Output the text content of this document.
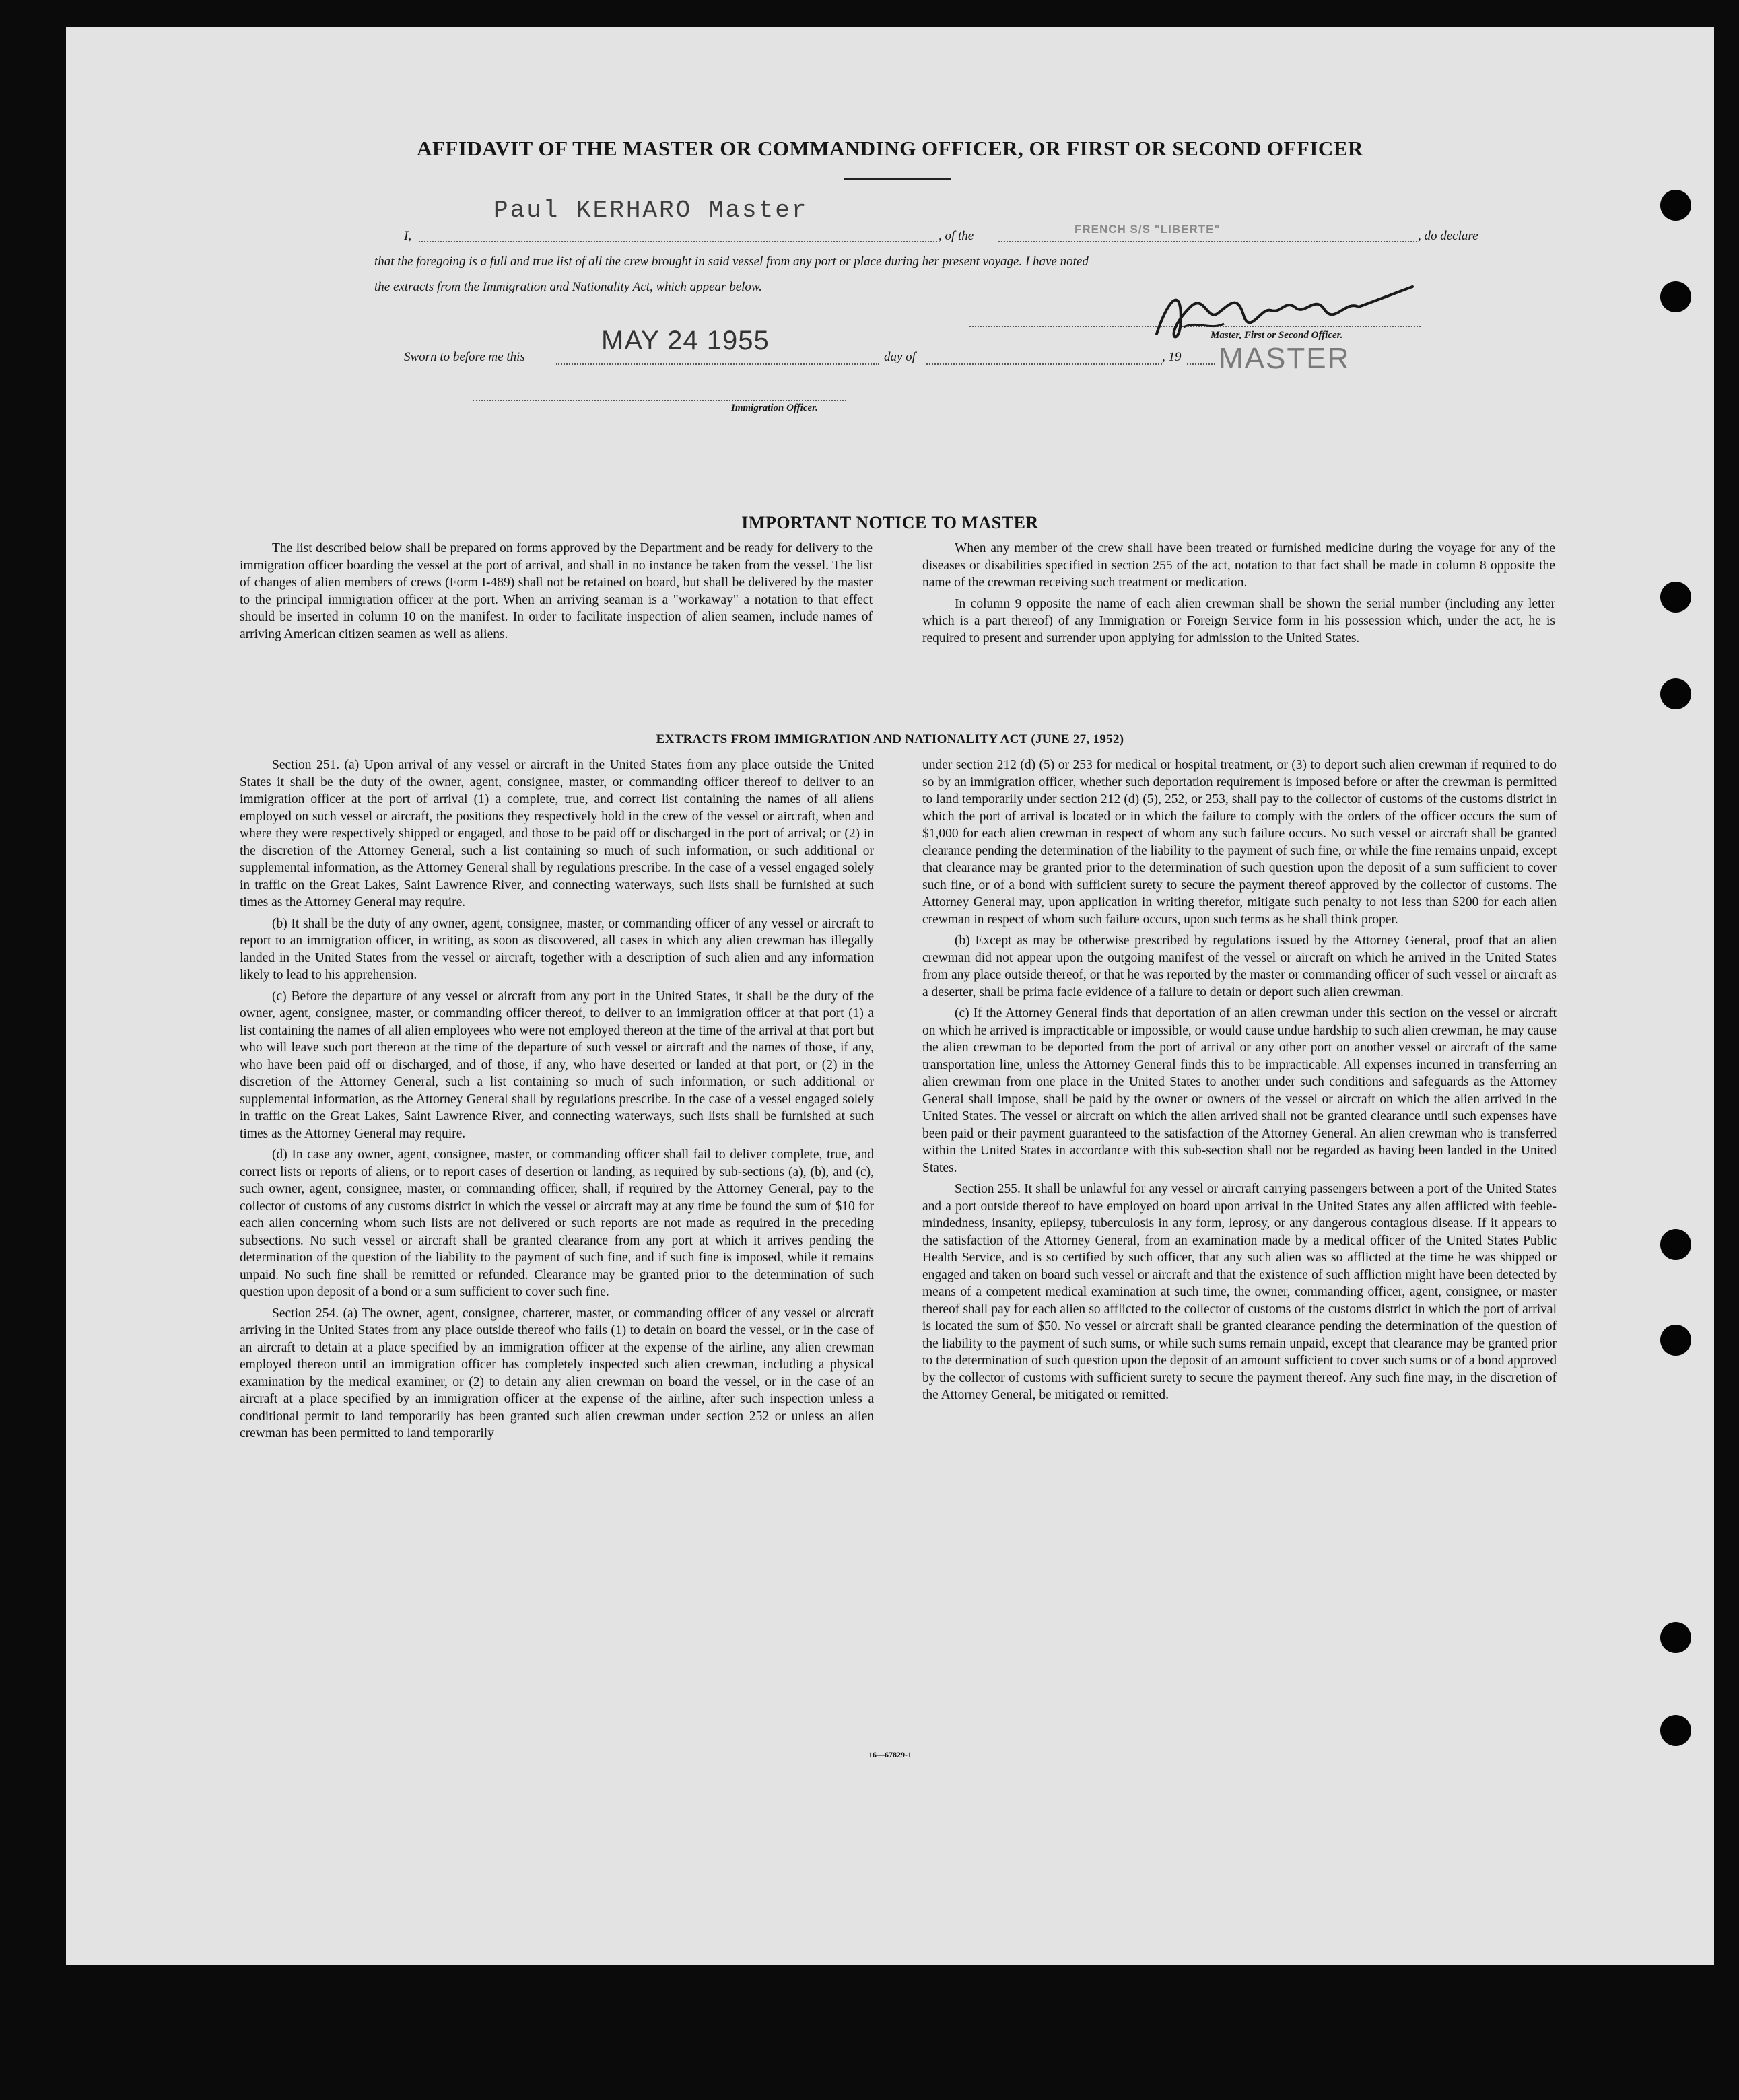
AFFIDAVIT OF THE MASTER OR COMMANDING OFFICER, OR FIRST OR SECOND OFFICER
I,
Paul KERHARO Master
, of the	FRENCH S/S "LIBERTE"	, do declare
that the foregoing is a full and true list of all the crew brought in said vessel from any port or place during her present voyage. I have noted
the extracts from the Immigration and Nationality Act, which appear below.
Master, First or Second Officer.
MASTER
Sworn to before me this
MAY 24 1955
day of	, 19
Immigration Officer.
IMPORTANT NOTICE TO MASTER

The list described below shall be prepared on forms approved by the Department and be ready for delivery to the immigration officer boarding the vessel at the port of arrival, and shall in no instance be taken from the vessel. The list of changes of alien members of crews (Form I-489) shall not be retained on board, but shall be delivered by the master to the principal immigration officer at the port. When an arriving seaman is a "workaway" a notation to that effect should be inserted in column 10 on the manifest. In order to facilitate inspection of alien seamen, include names of arriving American citizen seamen as well as aliens.

When any member of the crew shall have been treated or furnished medicine during the voyage for any of the diseases or disabilities specified in section 255 of the act, notation to that fact shall be made in column 8 opposite the name of the crewman receiving such treatment or medication.

In column 9 opposite the name of each alien crewman shall be shown the serial number (including any letter which is a part thereof) of any Immigration or Foreign Service form in his possession which, under the act, he is required to present and surrender upon applying for admission to the United States.

EXTRACTS FROM IMMIGRATION AND NATIONALITY ACT (JUNE 27, 1952)

Section 251. (a) Upon arrival of any vessel or aircraft in the United States from any place outside the United States it shall be the duty of the owner, agent, consignee, master, or commanding officer thereof to deliver to an immigration officer at the port of arrival (1) a complete, true, and correct list containing the names of all aliens employed on such vessel or aircraft, the positions they respectively hold in the crew of the vessel or aircraft, when and where they were respectively shipped or engaged, and those to be paid off or discharged in the port of arrival; or (2) in the discretion of the Attorney General, such a list containing so much of such information, or such additional or supplemental information, as the Attorney General shall by regulations prescribe. In the case of a vessel engaged solely in traffic on the Great Lakes, Saint Lawrence River, and connecting waterways, such lists shall be furnished at such times as the Attorney General may require.

(b) It shall be the duty of any owner, agent, consignee, master, or commanding officer of any vessel or aircraft to report to an immigration officer, in writing, as soon as discovered, all cases in which any alien crewman has illegally landed in the United States from the vessel or aircraft, together with a description of such alien and any information likely to lead to his apprehension.

(c) Before the departure of any vessel or aircraft from any port in the United States, it shall be the duty of the owner, agent, consignee, master, or commanding officer thereof, to deliver to an immigration officer at that port (1) a list containing the names of all alien employees who were not employed thereon at the time of the arrival at that port but who will leave such port thereon at the time of the departure of such vessel or aircraft and the names of those, if any, who have been paid off or discharged, and of those, if any, who have deserted or landed at that port, or (2) in the discretion of the Attorney General, such a list containing so much of such information, or such additional or supplemental information, as the Attorney General shall by regulations prescribe. In the case of a vessel engaged solely in traffic on the Great Lakes, Saint Lawrence River, and connecting waterways, such lists shall be furnished at such times as the Attorney General may require.

(d) In case any owner, agent, consignee, master, or commanding officer shall fail to deliver complete, true, and correct lists or reports of aliens, or to report cases of desertion or landing, as required by sub-sections (a), (b), and (c), such owner, agent, consignee, master, or commanding officer, shall, if required by the Attorney General, pay to the collector of customs of any customs district in which the vessel or aircraft may at any time be found the sum of $10 for each alien concerning whom such lists are not delivered or such reports are not made as required in the preceding subsections. No such vessel or aircraft shall be granted clearance from any port at which it arrives pending the determination of the question of the liability to the payment of such fine, and if such fine is imposed, while it remains unpaid. No such fine shall be remitted or refunded. Clearance may be granted prior to the determination of such question upon deposit of a bond or a sum sufficient to cover such fine.

Section 254. (a) The owner, agent, consignee, charterer, master, or commanding officer of any vessel or aircraft arriving in the United States from any place outside thereof who fails (1) to detain on board the vessel, or in the case of an aircraft to detain at a place specified by an immigration officer at the expense of the airline, any alien crewman employed thereon until an immigration officer has completely inspected such alien crewman, including a physical examination by the medical examiner, or (2) to detain any alien crewman on board the vessel, or in the case of an aircraft at a place specified by an immigration officer at the expense of the airline, after such inspection unless a conditional permit to land temporarily has been granted such alien crewman under section 252 or unless an alien crewman has been permitted to land temporarily

under section 212 (d) (5) or 253 for medical or hospital treatment, or (3) to deport such alien crewman if required to do so by an immigration officer, whether such deportation requirement is imposed before or after the crewman is permitted to land temporarily under section 212 (d) (5), 252, or 253, shall pay to the collector of customs of the customs district in which the port of arrival is located or in which the failure to comply with the orders of the officer occurs the sum of $1,000 for each alien crewman in respect of whom any such failure occurs. No such vessel or aircraft shall be granted clearance pending the determination of the liability to the payment of such fine, or while the fine remains unpaid, except that clearance may be granted prior to the determination of such question upon the deposit of a sum sufficient to cover such fine, or of a bond with sufficient surety to secure the payment thereof approved by the collector of customs. The Attorney General may, upon application in writing therefor, mitigate such penalty to not less than $200 for each alien crewman in respect of whom such failure occurs, upon such terms as he shall think proper.

(b) Except as may be otherwise prescribed by regulations issued by the Attorney General, proof that an alien crewman did not appear upon the outgoing manifest of the vessel or aircraft on which he arrived in the United States from any place outside thereof, or that he was reported by the master or commanding officer of such vessel or aircraft as a deserter, shall be prima facie evidence of a failure to detain or deport such alien crewman.

(c) If the Attorney General finds that deportation of an alien crewman under this section on the vessel or aircraft on which he arrived is impracticable or impossible, or would cause undue hardship to such alien crewman, he may cause the alien crewman to be deported from the port of arrival or any other port on another vessel or aircraft of the same transportation line, unless the Attorney General finds this to be impracticable. All expenses incurred in transferring an alien crewman from one place in the United States to another under such conditions and safeguards as the Attorney General shall impose, shall be paid by the owner or owners of the vessel or aircraft on which the alien arrived in the United States. The vessel or aircraft on which the alien arrived shall not be granted clearance until such expenses have been paid or their payment guaranteed to the satisfaction of the Attorney General. An alien crewman who is transferred within the United States in accordance with this sub-section shall not be regarded as having been landed in the United States.

Section 255. It shall be unlawful for any vessel or aircraft carrying passengers between a port of the United States and a port outside thereof to have employed on board upon arrival in the United States any alien afflicted with feeble-mindedness, insanity, epilepsy, tuberculosis in any form, leprosy, or any dangerous contagious disease. If it appears to the satisfaction of the Attorney General, from an examination made by a medical officer of the United States Public Health Service, and is so certified by such officer, that any such alien was so afflicted at the time he was shipped or engaged and taken on board such vessel or aircraft and that the existence of such affliction might have been detected by means of a competent medical examination at such time, the owner, commanding officer, agent, consignee, or master thereof shall pay for each alien so afflicted to the collector of customs of the customs district in which the port of arrival is located the sum of $50. No vessel or aircraft shall be granted clearance pending the determination of the question of the liability to the payment of such sums, or while such sums remain unpaid, except that clearance may be granted prior to the determination of such question upon the deposit of an amount sufficient to cover such sums or of a bond approved by the collector of customs with sufficient surety to secure the payment thereof. Any such fine may, in the discretion of the Attorney General, be mitigated or remitted.

16—67829-1
